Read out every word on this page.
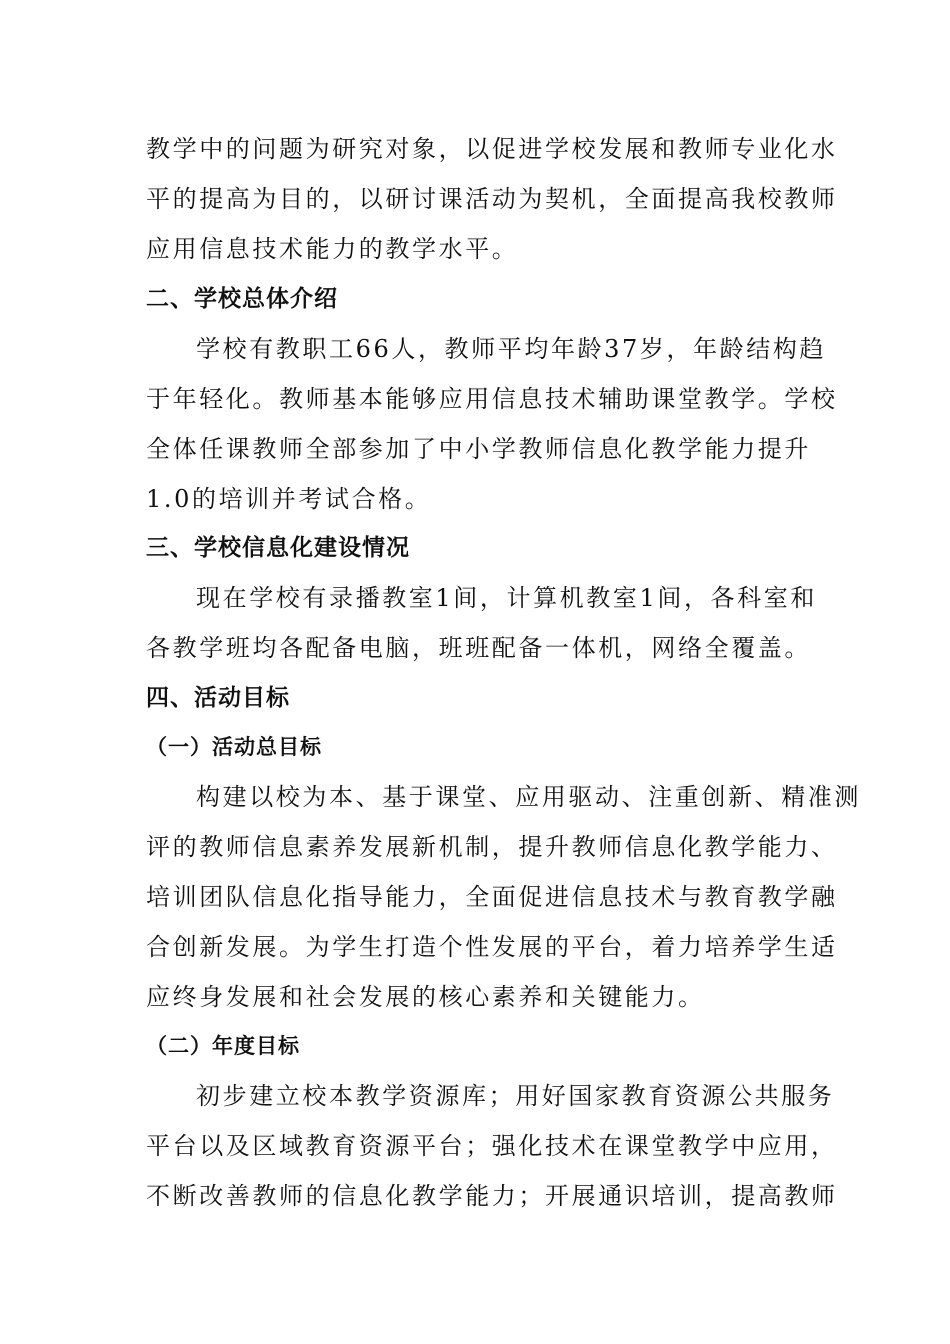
教学中的问题为研究对象，以促进学校发展和教师专业化水
平的提高为目的，以研讨课活动为契机，全面提高我校教师
应用信息技术能力的教学水平。
二、学校总体介绍
学校有教职工66人，教师平均年龄37岁，年龄结构趋
于年轻化。教师基本能够应用信息技术辅助课堂教学。学校
全体任课教师全部参加了中小学教师信息化教学能力提升
1.0的培训并考试合格。
三、学校信息化建设情况
现在学校有录播教室1间，计算机教室1间，各科室和
各教学班均各配备电脑，班班配备一体机，网络全覆盖。
四、活动目标
（一）活动总目标
构建以校为本、基于课堂、应用驱动、注重创新、精准测
评的教师信息素养发展新机制，提升教师信息化教学能力、
培训团队信息化指导能力，全面促进信息技术与教育教学融
合创新发展。为学生打造个性发展的平台，着力培养学生适
应终身发展和社会发展的核心素养和关键能力。
（二）年度目标
初步建立校本教学资源库；用好国家教育资源公共服务
平台以及区域教育资源平台；强化技术在课堂教学中应用，
不断改善教师的信息化教学能力；开展通识培训，提高教师
